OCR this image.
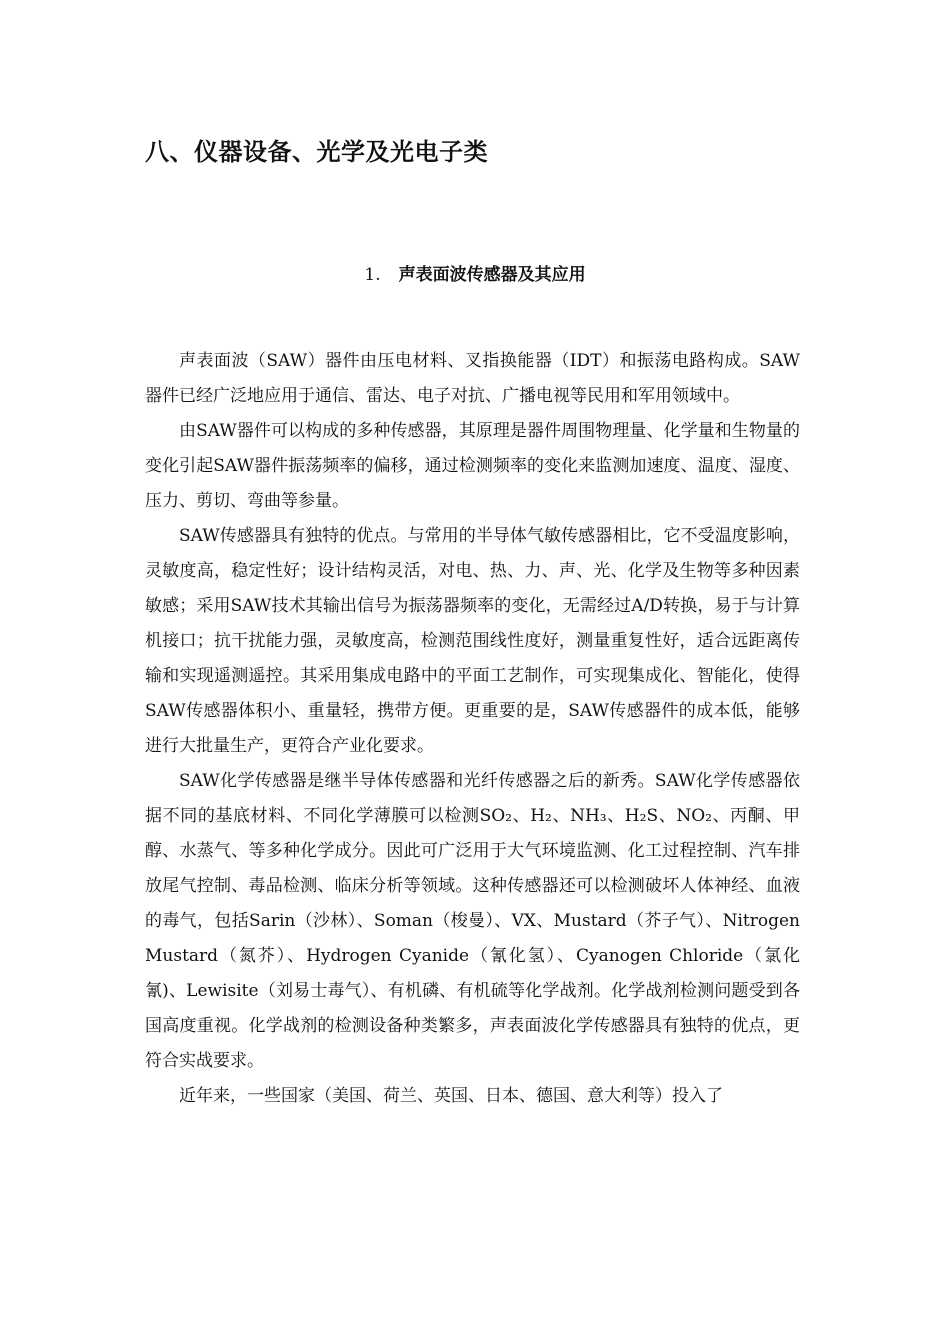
八、仪器设备、光学及光电子类
1. 声表面波传感器及其应用

声表面波（SAW）器件由压电材料、叉指换能器（IDT）和振荡电路构成。SAW器件已经广泛地应用于通信、雷达、电子对抗、广播电视等民用和军用领域中。

由SAW器件可以构成的多种传感器，其原理是器件周围物理量、化学量和生物量的变化引起SAW器件振荡频率的偏移，通过检测频率的变化来监测加速度、温度、湿度、压力、剪切、弯曲等参量。

SAW传感器具有独特的优点。与常用的半导体气敏传感器相比，它不受温度影响，灵敏度高，稳定性好；设计结构灵活，对电、热、力、声、光、化学及生物等多种因素敏感；采用SAW技术其输出信号为振荡器频率的变化，无需经过A/D转换，易于与计算机接口；抗干扰能力强，灵敏度高，检测范围线性度好，测量重复性好，适合远距离传输和实现遥测遥控。其采用集成电路中的平面工艺制作，可实现集成化、智能化，使得SAW传感器体积小、重量轻，携带方便。更重要的是，SAW传感器件的成本低，能够进行大批量生产，更符合产业化要求。

SAW化学传感器是继半导体传感器和光纤传感器之后的新秀。SAW化学传感器依据不同的基底材料、不同化学薄膜可以检测SO₂、H₂、NH₃、H₂S、NO₂、丙酮、甲醇、水蒸气、等多种化学成分。因此可广泛用于大气环境监测、化工过程控制、汽车排放尾气控制、毒品检测、临床分析等领域。这种传感器还可以检测破坏人体神经、血液的毒气，包括Sarin（沙林）、Soman（梭曼）、VX、Mustard（芥子气）、Nitrogen Mustard（氮芥）、Hydrogen Cyanide（氰化氢）、Cyanogen Chloride（氯化氰)、Lewisite（刘易士毒气）、有机磷、有机硫等化学战剂。化学战剂检测问题受到各国高度重视。化学战剂的检测设备种类繁多，声表面波化学传感器具有独特的优点，更符合实战要求。

近年来，一些国家（美国、荷兰、英国、日本、德国、意大利等）投入了
